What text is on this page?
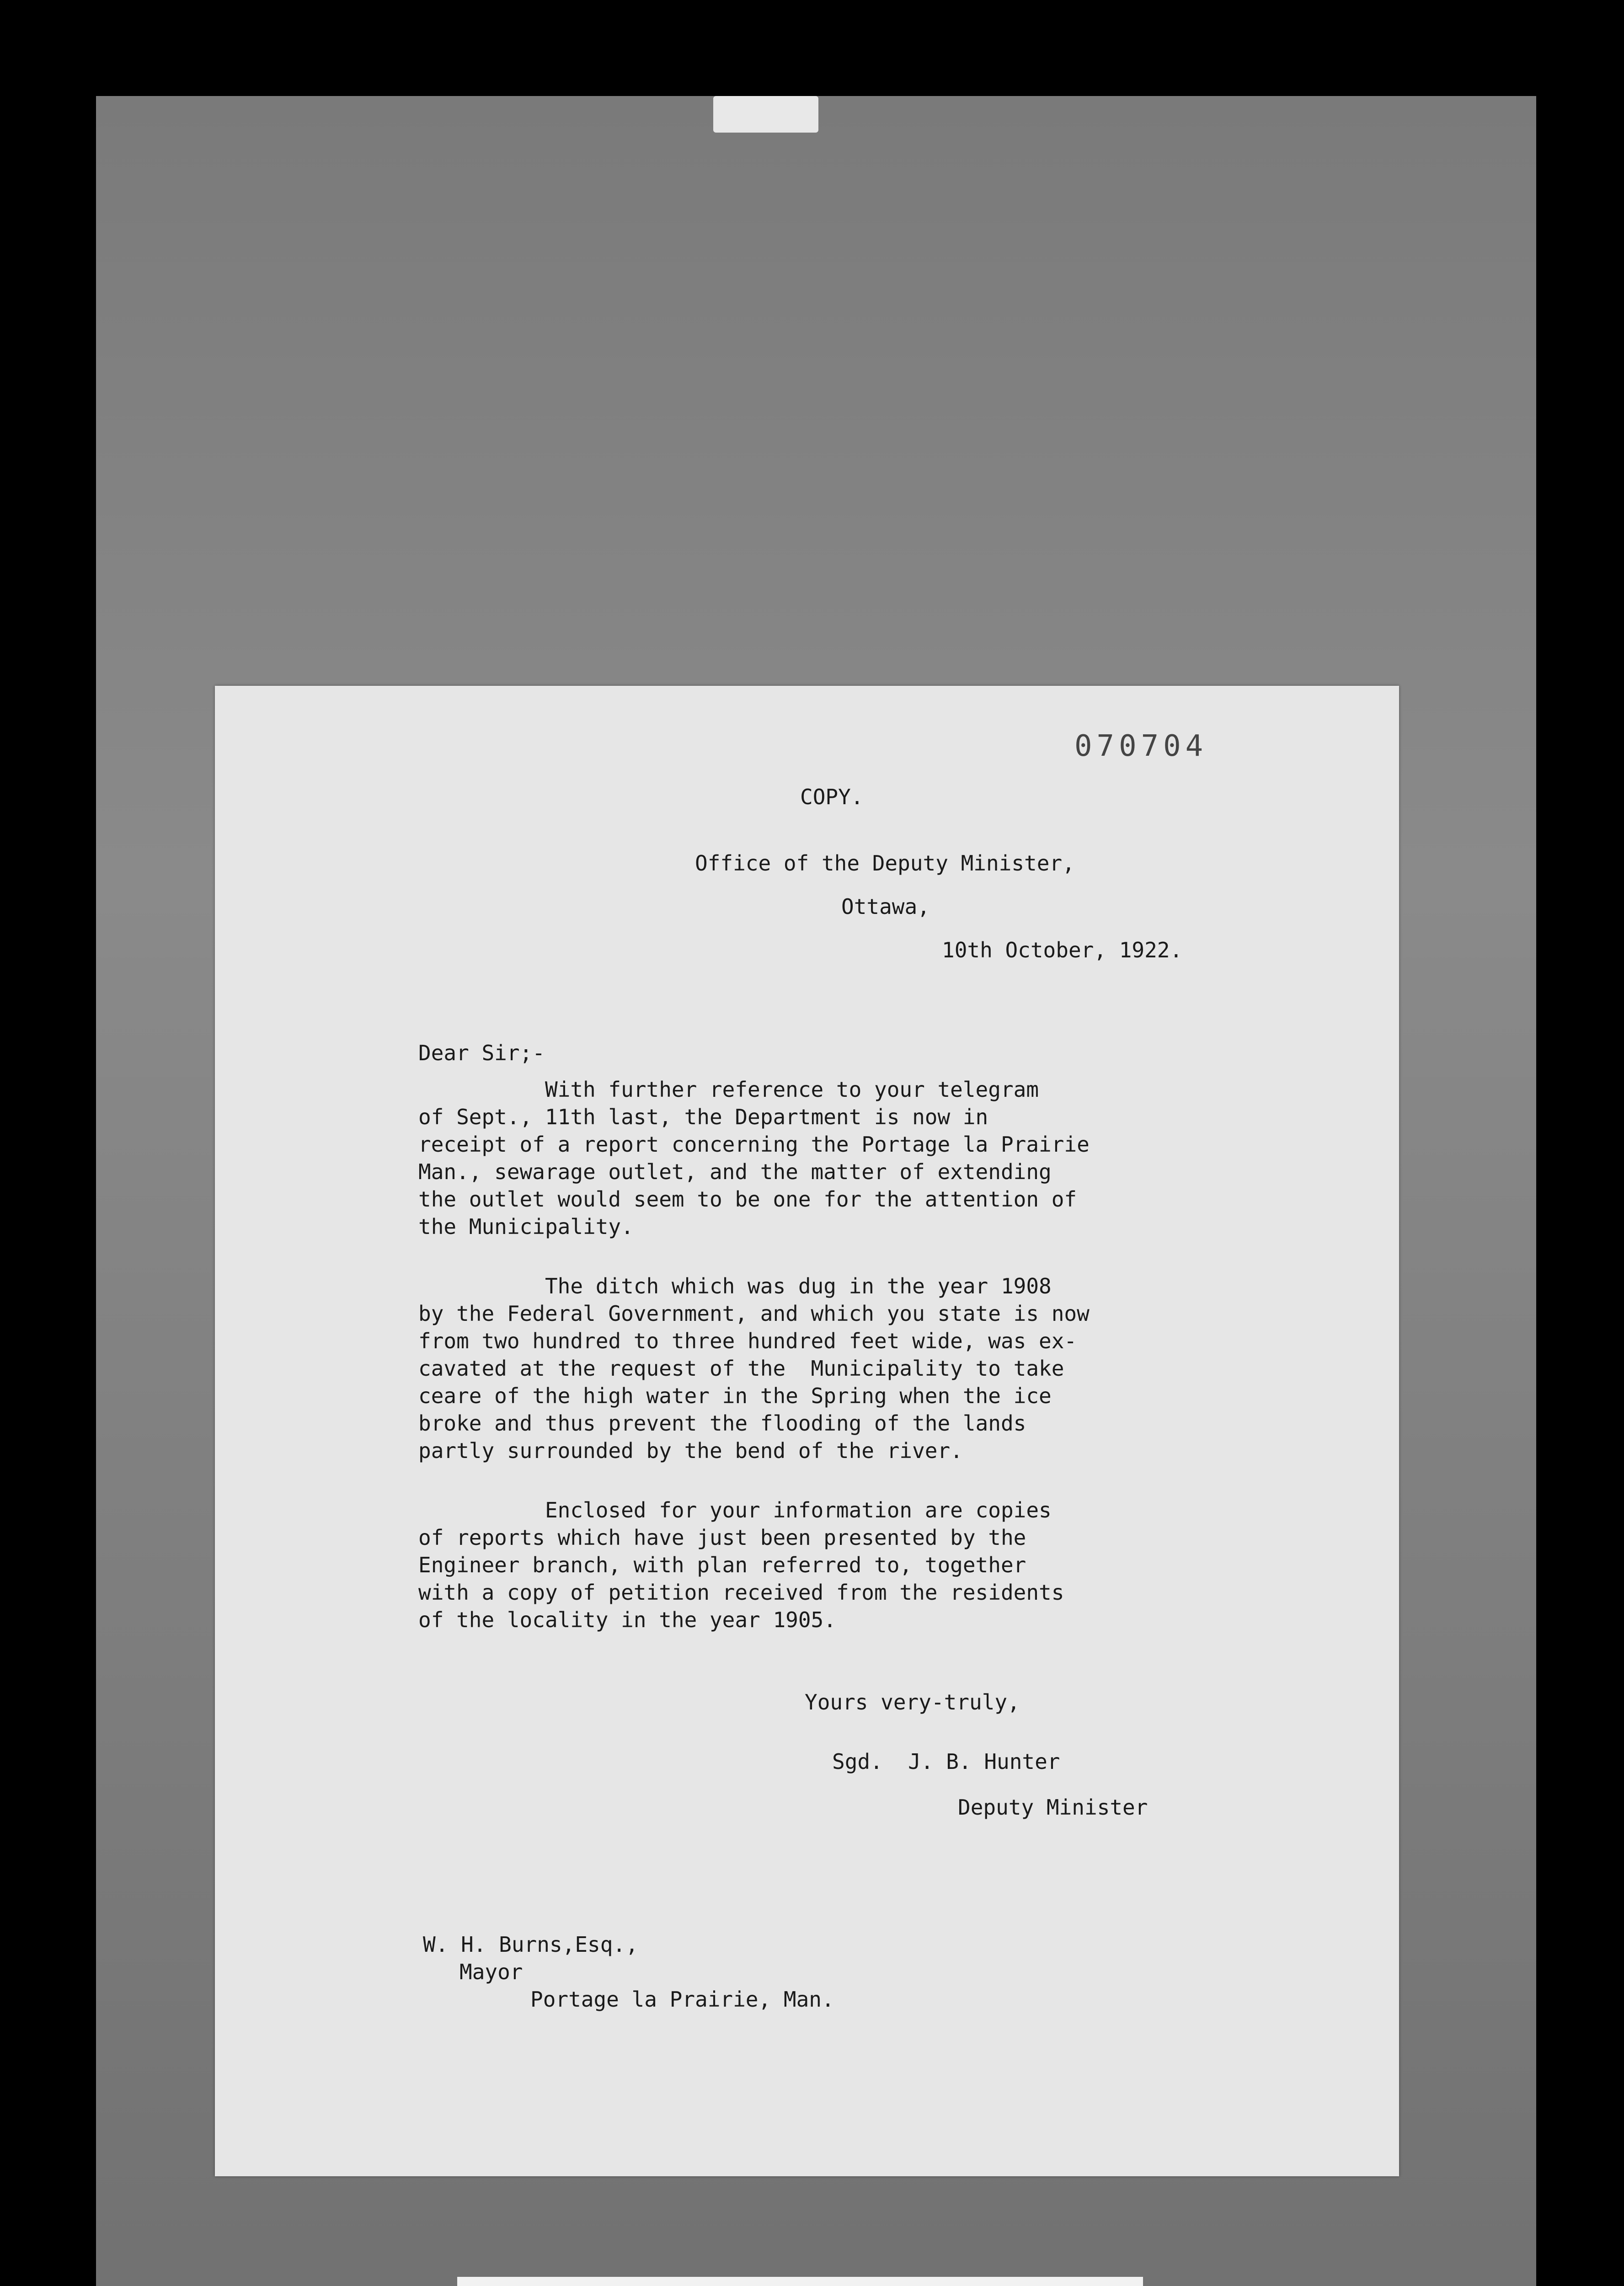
070704
COPY.
Office of the Deputy Minister,
Ottawa,
10th October, 1922.
Dear Sir;-
With further reference to your telegram
of Sept., 11th last, the Department is now in
receipt of a report concerning the Portage la Prairie
Man., sewarage outlet, and the matter of extending
the outlet would seem to be one for the attention of
the Municipality.
The ditch which was dug in the year 1908
by the Federal Government, and which you state is now
from two hundred to three hundred feet wide, was ex-
cavated at the request of the  Municipality to take
ceare of the high water in the Spring when the ice
broke and thus prevent the flooding of the lands
partly surrounded by the bend of the river.
Enclosed for your information are copies
of reports which have just been presented by the
Engineer branch, with plan referred to, together
with a copy of petition received from the residents
of the locality in the year 1905.
Yours very-truly,
Sgd.  J. B. Hunter
Deputy Minister
W. H. Burns,Esq.,
Mayor
Portage la Prairie, Man.
